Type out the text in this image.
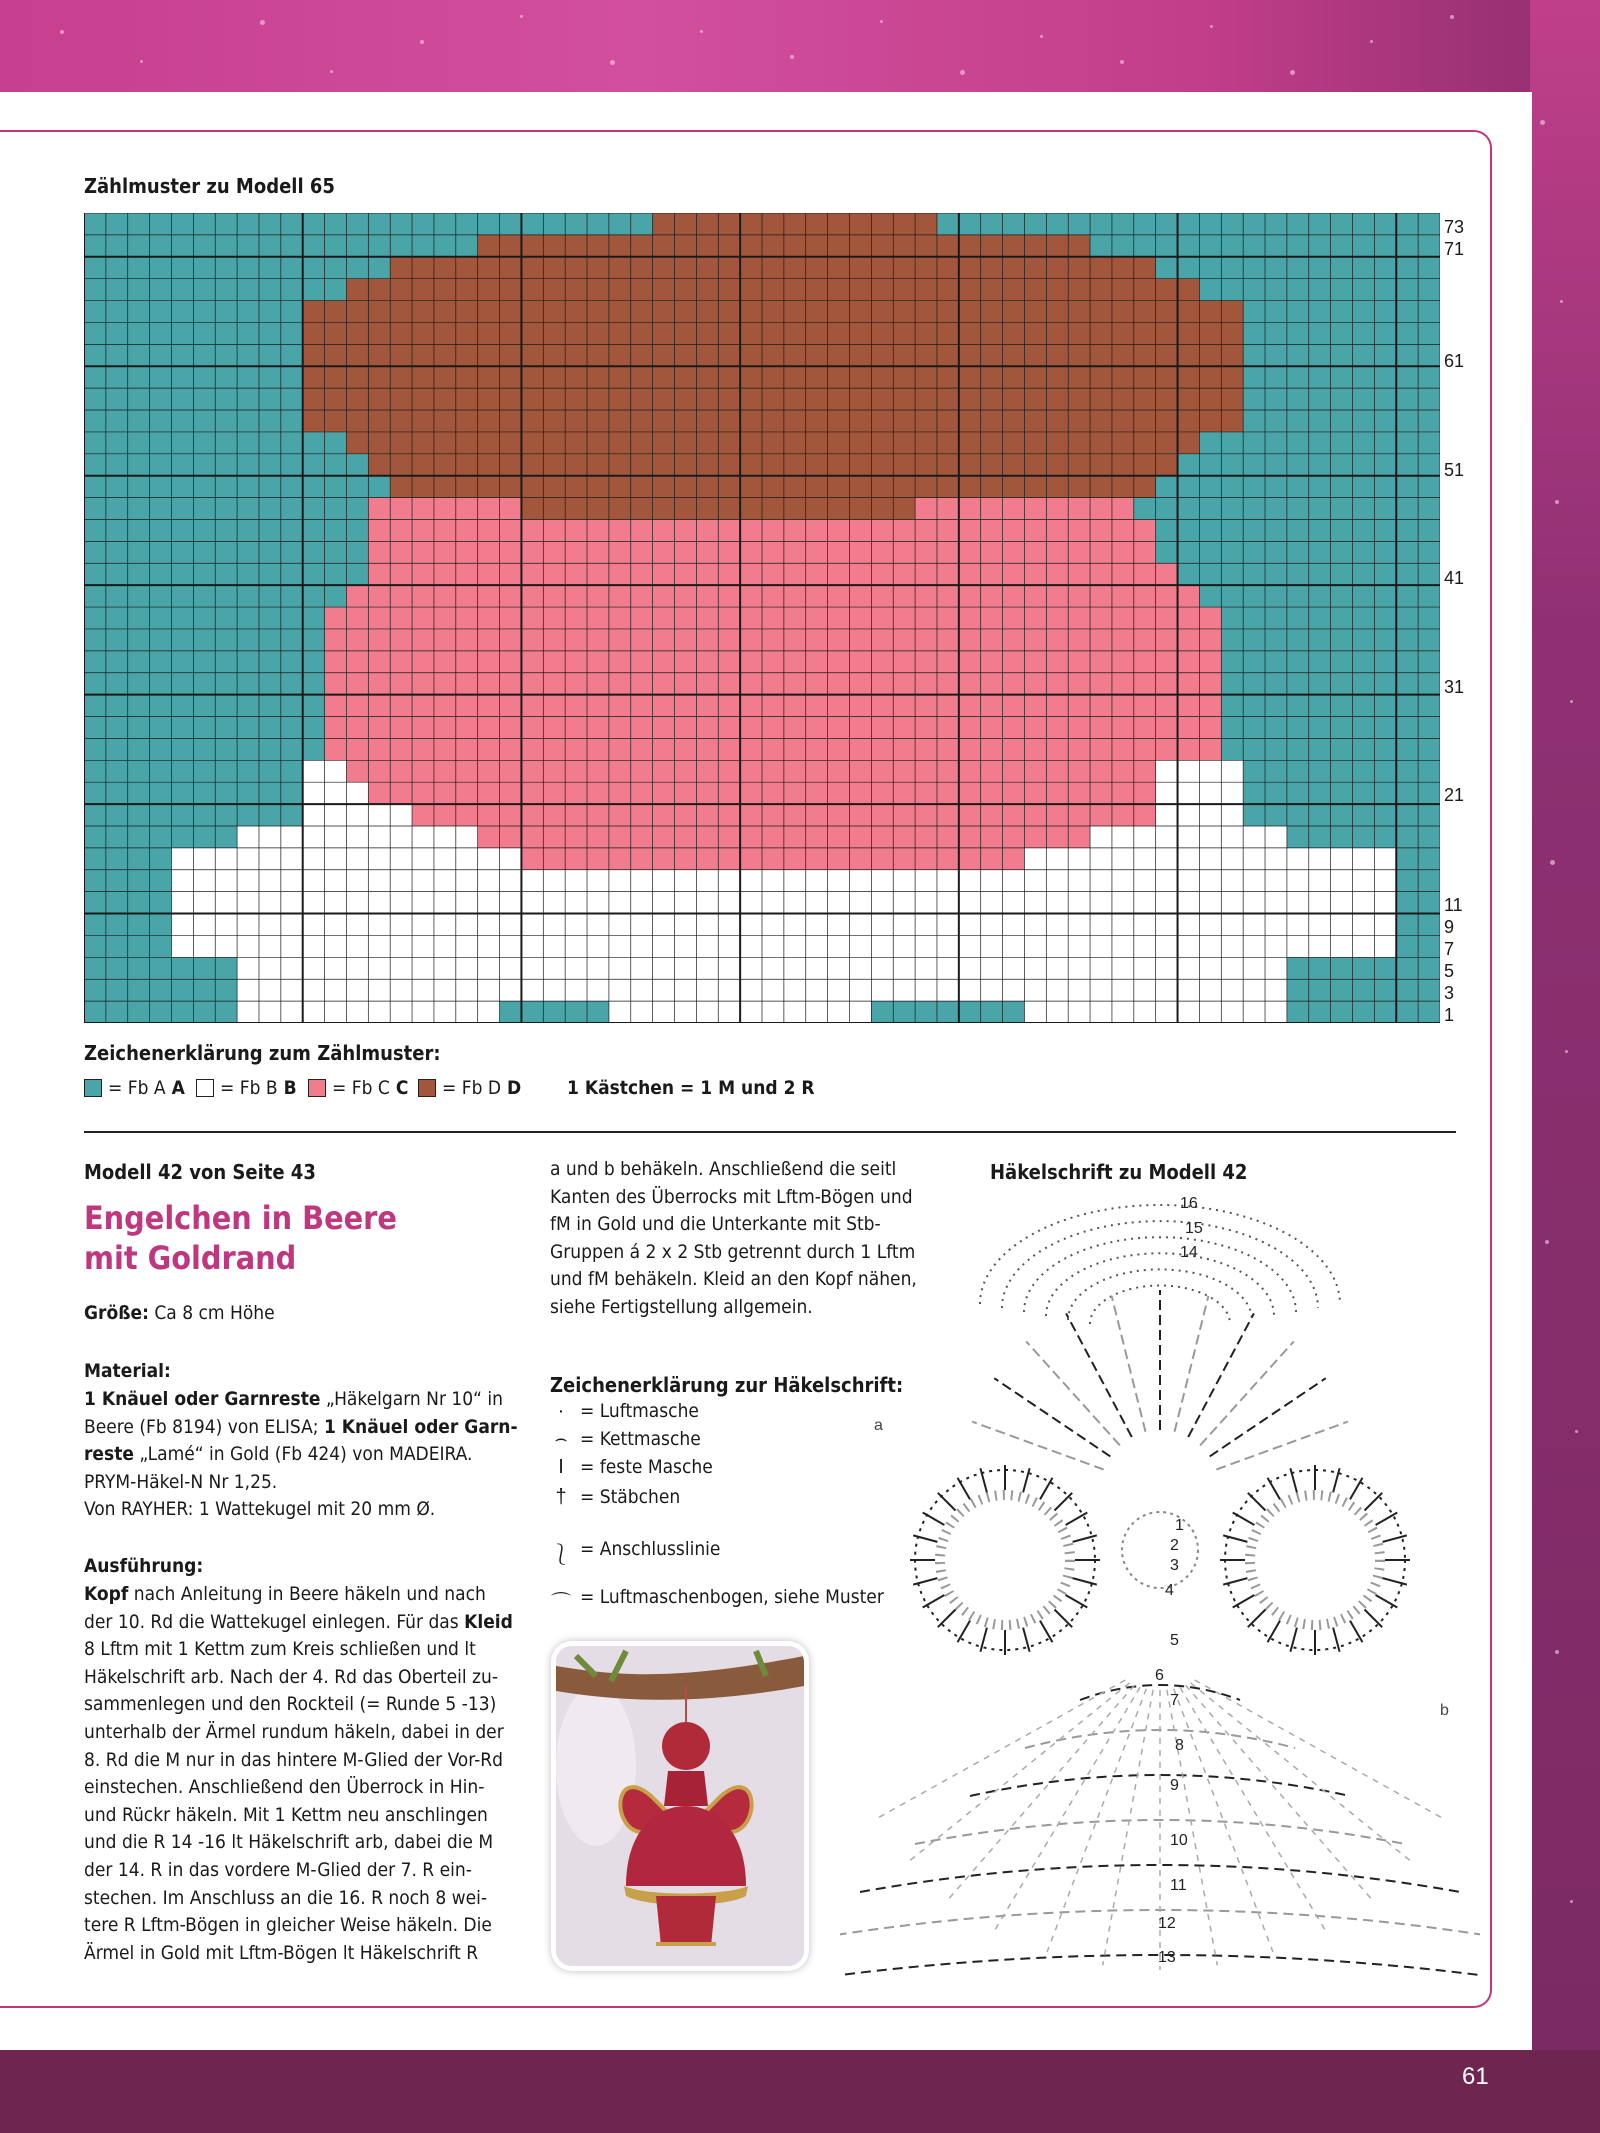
Zählmuster zu Modell 65
73
71
61
51
41
31
21
11
9
7
5
3
1
Zeichenerklärung zum Zählmuster:
= Fb A A = Fb B B = Fb C C = Fb D D 1 Kästchen = 1 M und 2 R
Modell 42 von Seite 43
Engelchen in Beere
mit Goldrand
Größe: Ca 8 cm Höhe
Material:
1 Knäuel oder Garnreste „Häkelgarn Nr 10“ in
Beere (Fb 8194) von ELISA; 1 Knäuel oder Garn-
reste „Lamé“ in Gold (Fb 424) von MADEIRA.
PRYM-Häkel-N Nr 1,25.
Von RAYHER: 1 Wattekugel mit 20 mm Ø.
Ausführung:
Kopf nach Anleitung in Beere häkeln und nach
der 10. Rd die Wattekugel einlegen. Für das Kleid
8 Lftm mit 1 Kettm zum Kreis schließen und lt
Häkelschrift arb. Nach der 4. Rd das Oberteil zu-
sammenlegen und den Rockteil (= Runde 5 -13)
unterhalb der Ärmel rundum häkeln, dabei in der
8. Rd die M nur in das hintere M-Glied der Vor-Rd
einstechen. Anschließend den Überrock in Hin-
und Rückr häkeln. Mit 1 Kettm neu anschlingen
und die R 14 -16 lt Häkelschrift arb, dabei die M
der 14. R in das vordere M-Glied der 7. R ein-
stechen. Im Anschluss an die 16. R noch 8 wei-
tere R Lftm-Bögen in gleicher Weise häkeln. Die
Ärmel in Gold mit Lftm-Bögen lt Häkelschrift R
a und b behäkeln. Anschließend die seitl
Kanten des Überrocks mit Lftm-Bögen und
fM in Gold und die Unterkante mit Stb-
Gruppen á 2 x 2 Stb getrennt durch 1 Lftm
und fM behäkeln. Kleid an den Kopf nähen,
siehe Fertigstellung allgemein.
Zeichenerklärung zur Häkelschrift:
· = Luftmasche
⌢ = Kettmasche
I = feste Masche
† = Stäbchen
⎱ = Anschlusslinie
⌒ = Luftmaschenbogen, siehe Muster
Häkelschrift zu Modell 42
16
15
14
1
2
3
4
5
6
7
8
9
10
11
12
13
a
b
61
